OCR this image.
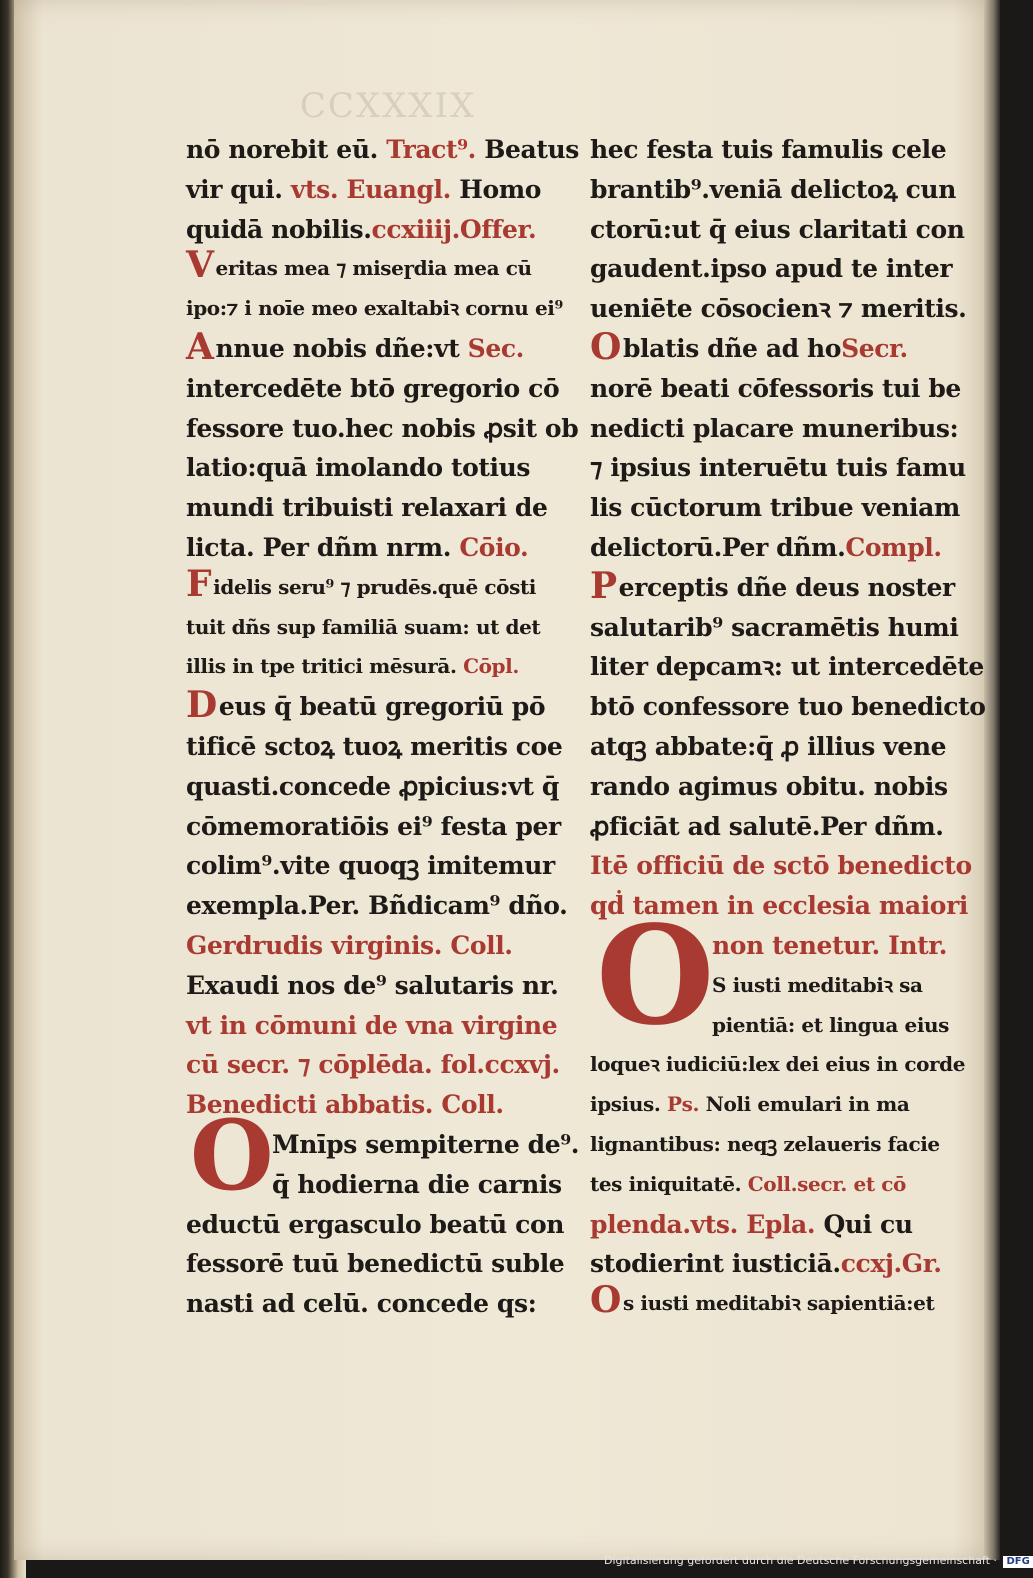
CCXXXIX
nō norebit eū. Tract⁹. Beatus
vir qui. vts. Euangl. Homo
quidā nobilis.ccxiiij.Offer.
Veritas mea ⁊ miseɼdia mea cū
ipo:⁊ i noīe meo exaltabiꝛ cornu ei⁹
Annue nobis dñe:vt Sec.
intercedēte btō gregorio cō
fessore tuo.hec nobis ꝓsit ob
latio:quā imolando totius
mundi tribuisti relaxari de
licta. Per dñm nrm. Cōio.
Fidelis seru⁹ ⁊ prudēs.quē cōsti
tuit dñs sup familiā suam: ut det
illis in tpe tritici mēsurā. Cōpl.
Deus q̄ beatū gregoriū pō
tificē sctoꝝ tuoꝝ meritis coe
quasti.concede ꝓpicius:vt q̄
cōmemoratiōis ei⁹ festa per
colim⁹.vite quoqꝫ imitemur
exempla.Per. Bñdicam⁹ dño.
Gerdrudis virginis. Coll.
Exaudi nos de⁹ salutaris nr.
vt in cōmuni de vna virgine
cū secr. ⁊ cōplēda. fol.ccxvj.
Benedicti abbatis. Coll.
Mnīps sempiterne de⁹.
q̄ hodierna die carnis
eductū ergasculo beatū con
fessorē tuū benedictū suble
nasti ad celū. concede qs:
hec festa tuis famulis cele
brantib⁹.veniā delictoꝝ cun
ctorū:ut q̄ eius claritati con
gaudent.ipso apud te inter
ueniēte cōsocienꝛ ⁊ meritis.
Oblatis dñe ad hoSecr.
norē beati cōfessoris tui be
nedicti placare muneribus:
⁊ ipsius interuētu tuis famu
lis cūctorum tribue veniam
delictorū.Per dñm.Compl.
Perceptis dñe deus noster
salutarib⁹ sacramētis humi
liter depcamꝛ: ut intercedēte
btō confessore tuo benedicto
atqꝫ abbate:q̄ ꝓ illius vene
rando agimus obitu. nobis
ꝓficiāt ad salutē.Per dñm.
Itē officiū de sctō benedicto
qḋ tamen in ecclesia maiori
non tenetur. Intr.
S iusti meditabiꝛ sa
pientiā: et lingua eius
loqueꝛ iudiciū:lex dei eius in corde
ipsius. Ps. Noli emulari in ma
lignantibus: neqꝫ zelaueris facie
tes iniquitatē. Coll.secr. et cō
plenda.vts. Epla. Qui cu
stodierint iusticiā.ccxj.Gr.
Os iusti meditabiꝛ sapientiā:et
O
O
Digitalisierung gefördert durch die Deutsche Forschungsgemeinschaft · DFG
